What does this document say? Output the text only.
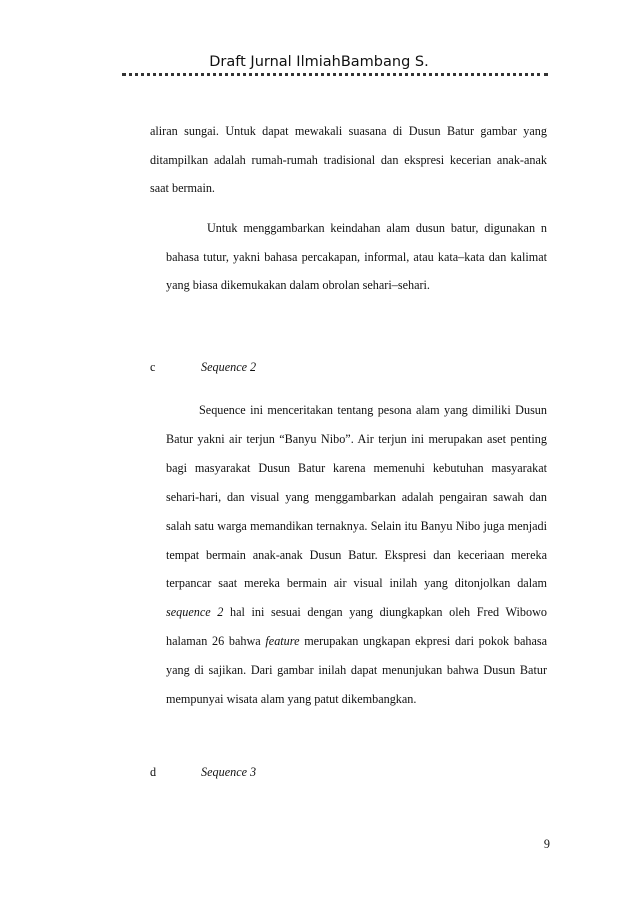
Draft Jurnal IlmiahBambang S.
aliran sungai. Untuk dapat mewakali suasana di Dusun Batur gambar yang ditampilkan adalah rumah-rumah tradisional dan ekspresi kecerian anak-anak saat bermain.
Untuk menggambarkan keindahan alam dusun batur, digunakan n bahasa tutur, yakni bahasa percakapan, informal, atau kata–kata dan kalimat yang biasa dikemukakan dalam obrolan sehari–sehari.
c	Sequence 2
Sequence ini menceritakan tentang pesona alam yang dimiliki Dusun Batur yakni air terjun “Banyu Nibo”. Air terjun ini merupakan aset penting bagi masyarakat Dusun Batur karena memenuhi kebutuhan masyarakat sehari-hari, dan visual yang menggambarkan adalah pengairan sawah dan salah satu warga memandikan ternaknya. Selain itu Banyu Nibo juga menjadi tempat bermain anak-anak Dusun Batur. Ekspresi dan keceriaan mereka terpancar saat mereka bermain air visual inilah yang ditonjolkan dalam sequence 2 hal ini sesuai dengan yang diungkapkan oleh Fred Wibowo halaman 26 bahwa feature merupakan ungkapan ekpresi dari pokok bahasa yang di sajikan. Dari gambar inilah dapat menunjukan bahwa Dusun Batur mempunyai wisata alam yang patut dikembangkan.
d	Sequence 3
9
